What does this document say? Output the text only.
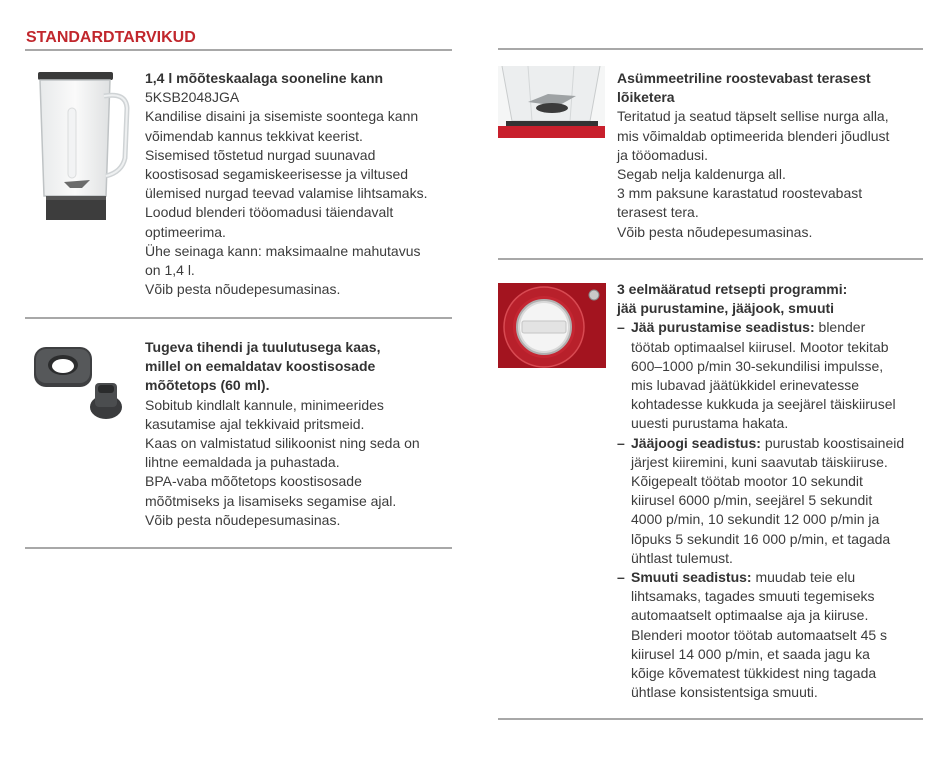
STANDARDTARVIKUD

1,4 l mõõteskaalaga sooneline kann

5KSB2048JGA

Kandilise disaini ja sisemiste soontega kann

võimendab kannus tekkivat keerist.

Sisemised tõstetud nurgad suunavad

koostisosad segamiskeerisesse ja viltused

ülemised nurgad teevad valamise lihtsamaks.

Loodud blenderi tööomadusi täiendavalt

optimeerima.

Ühe seinaga kann: maksimaalne mahutavus

on 1,4 l.

Võib pesta nõudepesumasinas.

Tugeva tihendi ja tuulutusega kaas,

millel on eemaldatav koostisosade

mõõtetops (60 ml).

Sobitub kindlalt kannule, minimeerides

kasutamise ajal tekkivaid pritsmeid.

Kaas on valmistatud silikoonist ning seda on

lihtne eemaldada ja puhastada.

BPA-vaba mõõtetops koostisosade

mõõtmiseks ja lisamiseks segamise ajal.

Võib pesta nõudepesumasinas.

Asümmeetriline roostevabast terasest

lõiketera

Teritatud ja seatud täpselt sellise nurga alla,

mis võimaldab optimeerida blenderi jõudlust

ja tööomadusi.

Segab nelja kaldenurga all.

3 mm paksune karastatud roostevabast

terasest tera.

Võib pesta nõudepesumasinas.

3 eelmääratud retsepti programmi:

jää purustamine, jääjook, smuuti

– Jää purustamise seadistus: blender

töötab optimaalsel kiirusel. Mootor tekitab

600–1000 p/min 30-sekundilisi impulsse,

mis lubavad jäätükkidel erinevatesse

kohtadesse kukkuda ja seejärel täiskiirusel

uuesti purustama hakata.

– Jääjoogi seadistus: purustab koostisaineid

järjest kiiremini, kuni saavutab täiskiiruse.

Kõigepealt töötab mootor 10 sekundit

kiirusel 6000 p/min, seejärel 5 sekundit

4000 p/min, 10 sekundit 12 000 p/min ja

lõpuks 5 sekundit 16 000 p/min, et tagada

ühtlast tulemust.

– Smuuti seadistus: muudab teie elu

lihtsamaks, tagades smuuti tegemiseks

automaatselt optimaalse aja ja kiiruse.

Blenderi mootor töötab automaatselt 45 s

kiirusel 14 000 p/min, et saada jagu ka

kõige kõvematest tükkidest ning tagada

ühtlase konsistentsiga smuuti.
